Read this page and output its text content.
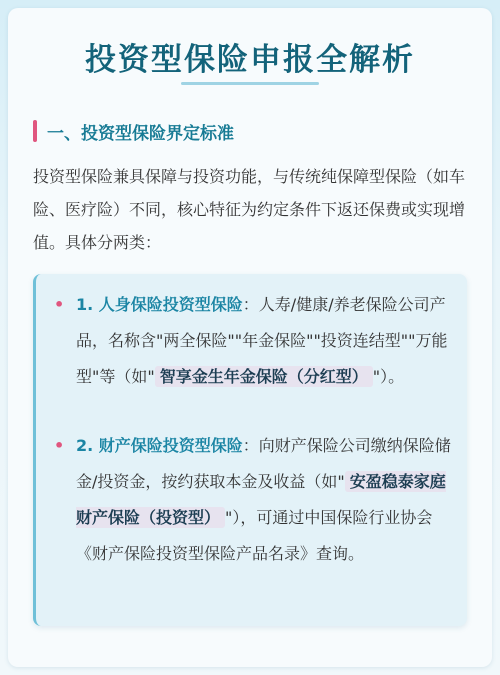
投资型保险申报全解析
一、投资型保险界定标准

投资型保险兼具保障与投资功能，与传统纯保障型保险（如车险、医疗险）不同，核心特征为约定条件下返还保费或实现增值。具体分两类：

• 1. 人身保险投资型保险：人寿/健康/养老保险公司产品，名称含"两全保险""年金保险""投资连结型""万能型"等（如" 智享金生年金保险（分红型） "）。
• 2. 财产保险投资型保险：向财产保险公司缴纳保险储金/投资金，按约获取本金及收益（如" 安盈稳泰家庭财产保险（投资型） "），可通过中国保险行业协会《财产保险投资型保险产品名录》查询。
